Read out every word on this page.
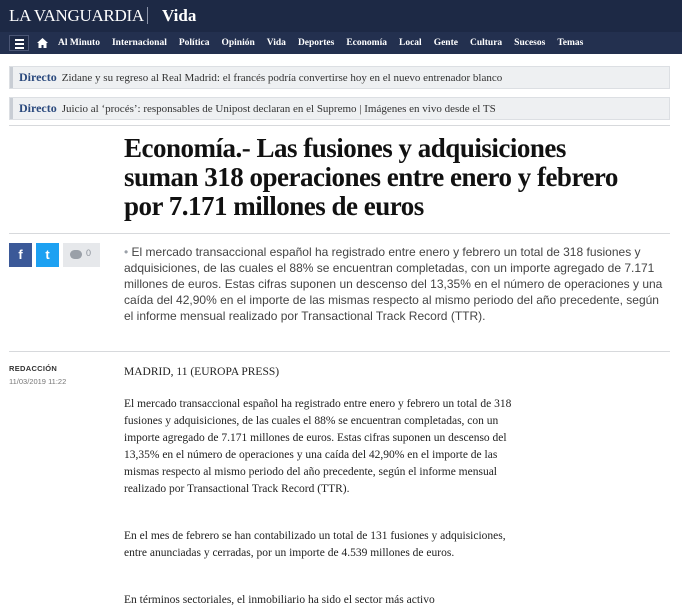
LA VANGUARDIA Vida
Al Minuto Internacional Política Opinión Vida Deportes Economía Local Gente Cultura Sucesos Temas
Directo Zidane y su regreso al Real Madrid: el francés podría convertirse hoy en el nuevo entrenador blanco
Directo Juicio al ‘procés’: responsables de Unipost declaran en el Supremo | Imágenes en vivo desde el TS
Economía.- Las fusiones y adquisiciones suman 318 operaciones entre enero y febrero por 7.171 millones de euros
f	t	0	• El mercado transaccional español ha registrado entre enero y febrero un total de 318 fusiones y adquisiciones, de las cuales el 88% se encuentran completadas, con un importe agregado de 7.171 millones de euros. Estas cifras suponen un descenso del 13,35% en el número de operaciones y una caída del 42,90% en el importe de las mismas respecto al mismo periodo del año precedente, según el informe mensual realizado por Transactional Track Record (TTR).

REDACCIÓN
11/03/2019 11:22
MADRID, 11 (EUROPA PRESS)

El mercado transaccional español ha registrado entre enero y febrero un total de 318 fusiones y adquisiciones, de las cuales el 88% se encuentran completadas, con un importe agregado de 7.171 millones de euros. Estas cifras suponen un descenso del 13,35% en el número de operaciones y una caída del 42,90% en el importe de las mismas respecto al mismo periodo del año precedente, según el informe mensual realizado por Transactional Track Record (TTR).

En el mes de febrero se han contabilizado un total de 131 fusiones y adquisiciones, entre anunciadas y cerradas, por un importe de 4.539 millones de euros.

En términos sectoriales, el inmobiliario ha sido el sector más activo
